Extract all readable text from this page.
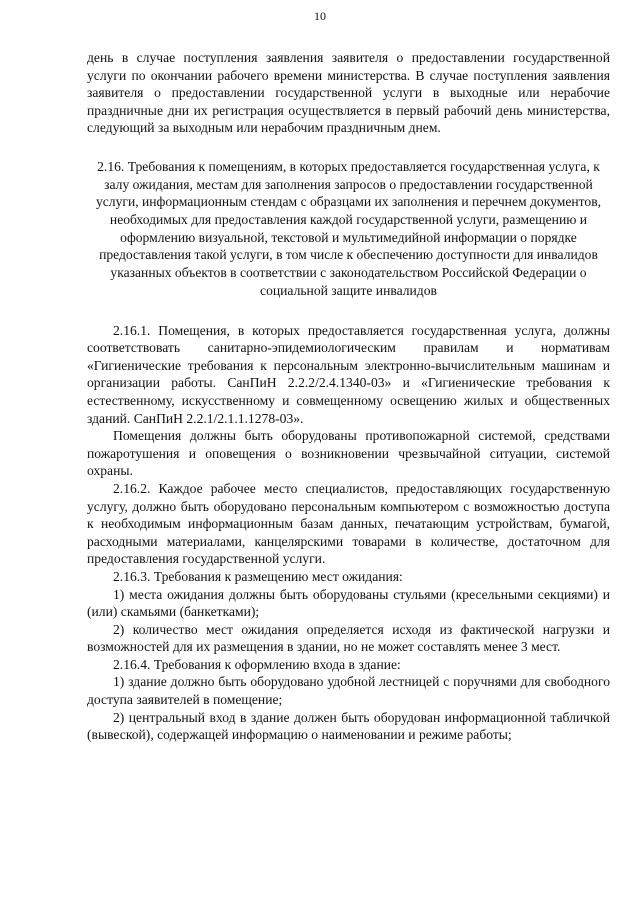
10

день в случае поступления заявления заявителя о предоставлении государственной услуги по окончании рабочего времени министерства. В случае поступления заявления заявителя о предоставлении государственной услуги в выходные или нерабочие праздничные дни их регистрация осуществляется в первый рабочий день министерства, следующий за выходным или нерабочим праздничным днем.

2.16. Требования к помещениям, в которых предоставляется государственная услуга, к залу ожидания, местам для заполнения запросов о предоставлении государственной услуги, информационным стендам с образцами их заполнения и перечнем документов, необходимых для предоставления каждой государственной услуги, размещению и оформлению визуальной, текстовой и мультимедийной информации о порядке предоставления такой услуги, в том числе к обеспечению доступности для инвалидов указанных объектов в соответствии с законодательством Российской Федерации о социальной защите инвалидов

2.16.1. Помещения, в которых предоставляется государственная услуга, должны соответствовать санитарно-эпидемиологическим правилам и нормативам «Гигиенические требования к персональным электронно-вычислительным машинам и организации работы. СанПиН 2.2.2/2.4.1340-03» и «Гигиенические требования к естественному, искусственному и совмещенному освещению жилых и общественных зданий. СанПиН 2.2.1/2.1.1.1278-03».

Помещения должны быть оборудованы противопожарной системой, средствами пожаротушения и оповещения о возникновении чрезвычайной ситуации, системой охраны.

2.16.2. Каждое рабочее место специалистов, предоставляющих государственную услугу, должно быть оборудовано персональным компьютером с возможностью доступа к необходимым информационным базам данных, печатающим устройствам, бумагой, расходными материалами, канцелярскими товарами в количестве, достаточном для предоставления государственной услуги.

2.16.3. Требования к размещению мест ожидания:

1) места ожидания должны быть оборудованы стульями (кресельными секциями) и (или) скамьями (банкетками);

2) количество мест ожидания определяется исходя из фактической нагрузки и возможностей для их размещения в здании, но не может составлять менее 3 мест.

2.16.4. Требования к оформлению входа в здание:

1) здание должно быть оборудовано удобной лестницей с поручнями для свободного доступа заявителей в помещение;

2) центральный вход в здание должен быть оборудован информационной табличкой (вывеской), содержащей информацию о наименовании и режиме работы;
